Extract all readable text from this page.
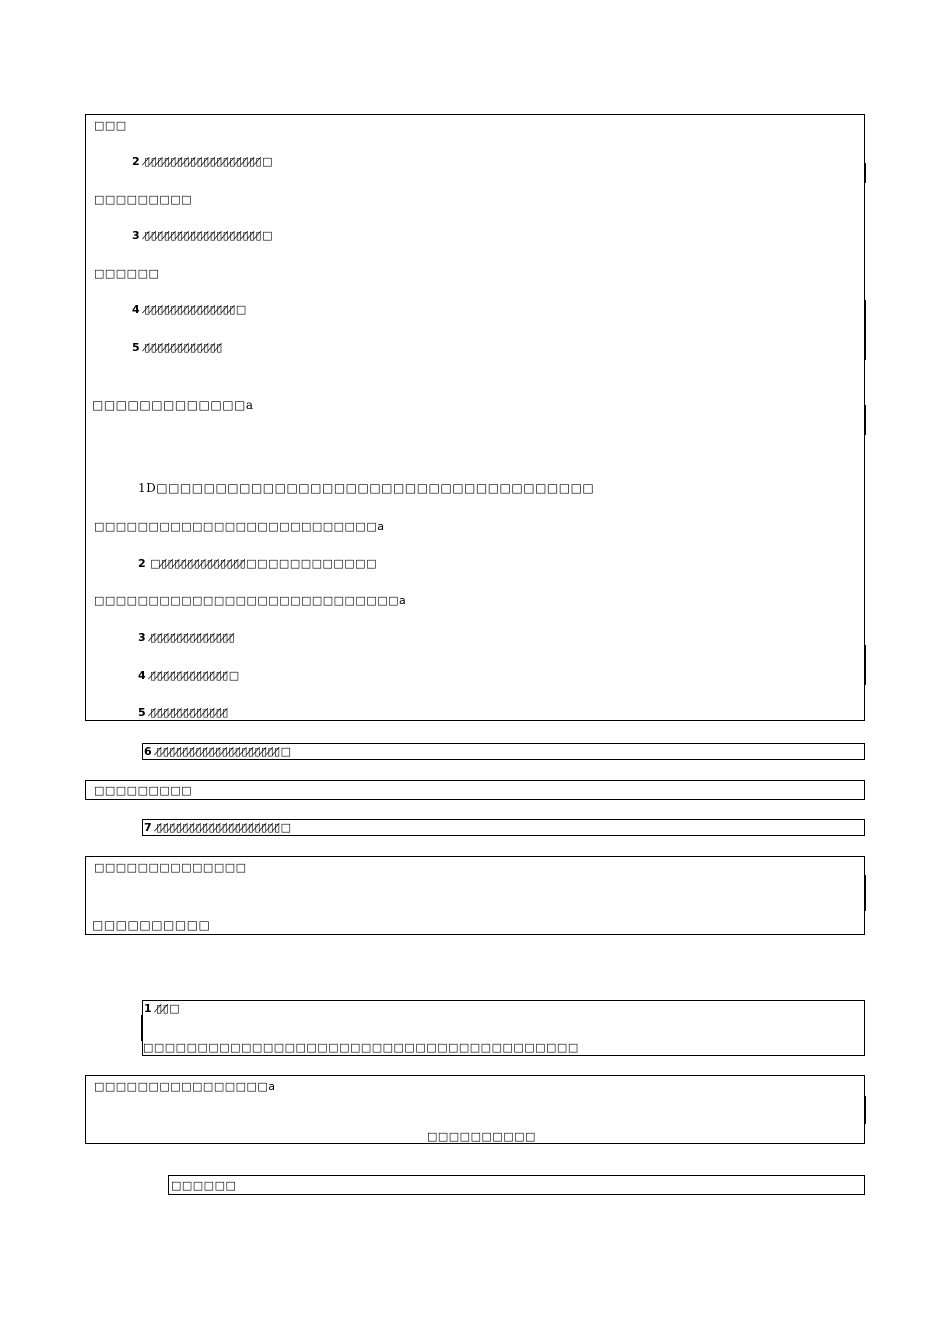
□□□
2 ▯̸▯̸▯̸▯̸▯̸▯̸▯̸▯̸▯̸▯̸▯̸▯̸▯̸▯̸▯̸▯̸▯̸▯̸□
□□□□□□□□□
3 ▯̸▯̸▯̸▯̸▯̸▯̸▯̸▯̸▯̸▯̸▯̸▯̸▯̸▯̸▯̸▯̸▯̸▯̸□
□□□□□□
4 ▯̸▯̸▯̸▯̸▯̸▯̸▯̸▯̸▯̸▯̸▯̸▯̸▯̸▯̸□
5 ▯̸▯̸▯̸▯̸▯̸▯̸▯̸▯̸▯̸▯̸▯̸▯̸
□□□□□□□□□□□□□a
1D□□□□□□□□□□□□□□□□□□□□□□□□□□□□□□□□□□□□□
□□□□□□□□□□□□□□□□□□□□□□□□□□a
2 □▯̸▯̸▯̸▯̸▯̸▯̸▯̸▯̸▯̸▯̸▯̸▯̸▯̸□□□□□□□□□□□□
□□□□□□□□□□□□□□□□□□□□□□□□□□□□a
3 ▯̸▯̸▯̸▯̸▯̸▯̸▯̸▯̸▯̸▯̸▯̸▯̸▯̸
4 ▯̸▯̸▯̸▯̸▯̸▯̸▯̸▯̸▯̸▯̸▯̸▯̸□
5 ▯̸▯̸▯̸▯̸▯̸▯̸▯̸▯̸▯̸▯̸▯̸▯̸
6 ▯̸▯̸▯̸▯̸▯̸▯̸▯̸▯̸▯̸▯̸▯̸▯̸▯̸▯̸▯̸▯̸▯̸▯̸▯̸□
□□□□□□□□□
7 ▯̸▯̸▯̸▯̸▯̸▯̸▯̸▯̸▯̸▯̸▯̸▯̸▯̸▯̸▯̸▯̸▯̸▯̸▯̸□
□□□□□□□□□□□□□□
□□□□□□□□□□
1 ▯̸▯̸□
□□□□□□□□□□□□□□□□□□□□□□□□□□□□□□□□□□□□□□□□
□□□□□□□□□□□□□□□□a
□□□□□□□□□□
□□□□□□
